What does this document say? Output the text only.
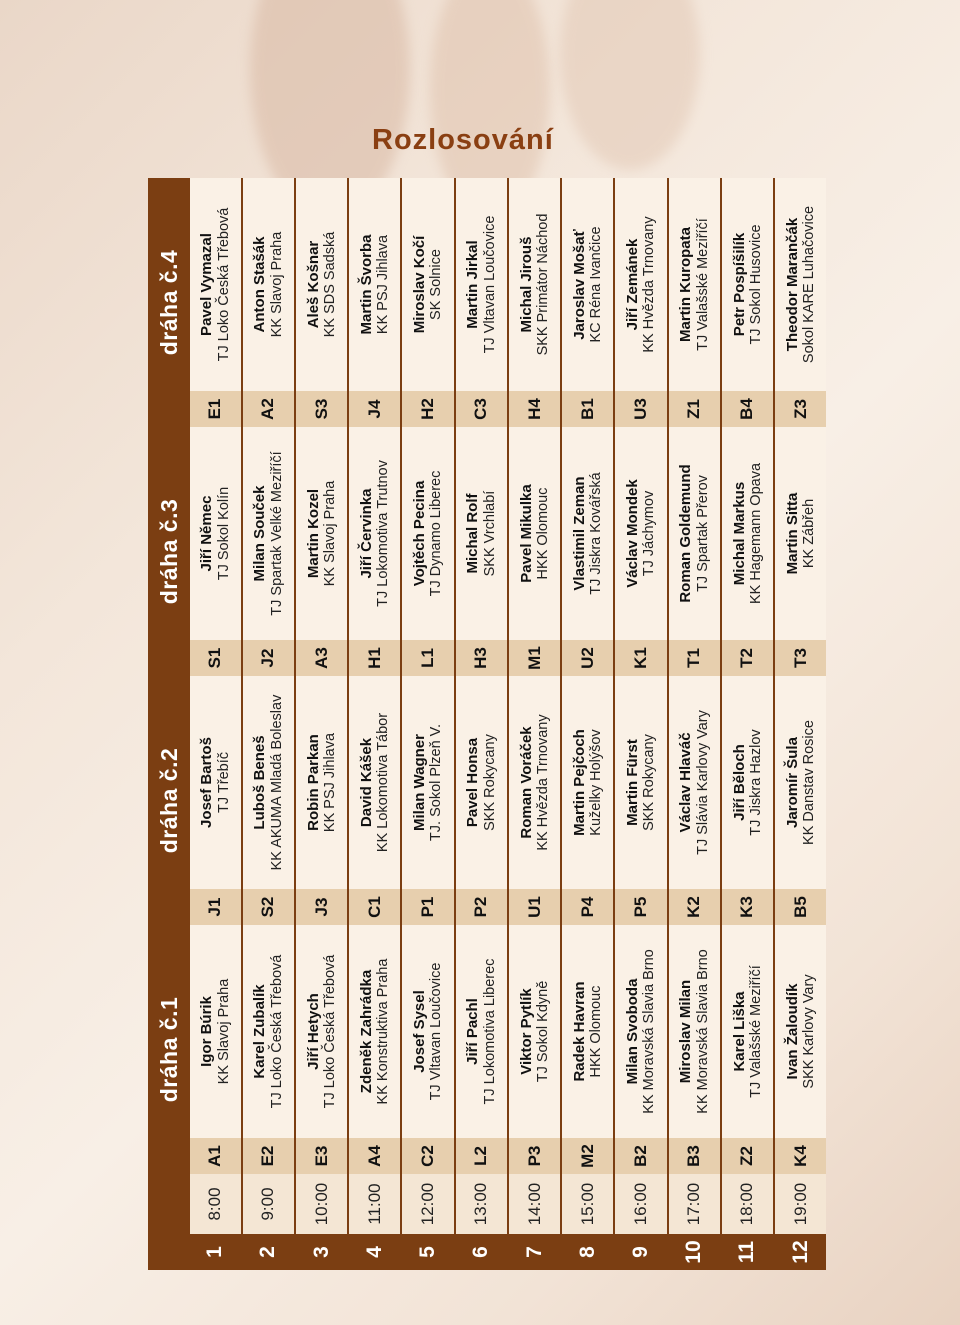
Rozlosování
		dráha č.1		dráha č.2		dráha č.3		dráha č.4	
1	8:00	A1	Igor Búrik KK Slavoj Praha	J1	Josef Bartoš TJ Třebíč	S1	Jiří Němec TJ Sokol Kolín	E1	Pavel Vymazal TJ Loko Česká Třebová

2	9:00	E2	Karel Zubalík TJ Loko Česká Třebová	S2	Luboš Beneš KK AKUMA Mladá Boleslav	J2	Milan Souček TJ Spartak Velké Meziříčí	A2	Anton Stašák KK Slavoj Praha

3	10:00	E3	Jiří Hetych TJ Loko Česká Třebová	J3	Robin Parkan KK PSJ Jihlava	A3	Martin Kozel KK Slavoj Praha	S3	Aleš Košnar KK SDS Sadská

4	11:00	A4	Zdeněk Zahrádka KK Konstruktiva Praha	C1	David Kášek KK Lokomotiva Tábor	H1	Jiří Červinka TJ Lokomotiva Trutnov	J4	Martin Švorba KK PSJ Jihlava

5	12:00	C2	Josef Sysel TJ Vltavan Loučovice	P1	Milan Wagner TJ. Sokol Plzeň V.	L1	Vojtěch Pecina TJ Dynamo Liberec	H2	Miroslav Kočí SK Solnice

6	13:00	L2	Jiří Pachl TJ Lokomotiva Liberec	P2	Pavel Honsa SKK Rokycany	H3	Michal Rolf SKK Vrchlabí	C3	Martin Jirkal TJ Vltavan Loučovice

7	14:00	P3	Viktor Pytlík TJ Sokol Kdyně	U1	Roman Voráček KK Hvězda Trnovany	M1	Pavel Mikulka HKK Olomouc	H4	Michal Jirouš SKK Primátor Náchod

8	15:00	M2	Radek Havran HKK Olomouc	P4	Martin Pejčoch Kuželky Holýšov	U2	Vlastimil Zeman TJ Jiskra Kovářská	B1	Jaroslav Mošať KC Réna Ivančice

9	16:00	B2	Milan Svoboda KK Moravská Slavia Brno	P5	Martin Fürst SKK Rokycany	K1	Václav Mondek TJ Jáchymov	U3	Jiří Zemánek KK Hvězda Trnovany

10	17:00	B3	Miroslav Milan KK Moravská Slavia Brno	K2	Václav Hlaváč TJ Slávia Karlovy Vary	T1	Roman Goldemund TJ Spartak Přerov	Z1	Martin Kuropata TJ Valašské Meziříčí

11	18:00	Z2	Karel Liška TJ Valašské Meziříčí	K3	Jiří Běloch TJ Jiskra Hazlov	T2	Michal Markus KK Hagemann Opava	B4	Petr Pospíšilík TJ Sokol Husovice

12	19:00	K4	Ivan Žaloudík SKK Karlovy Vary	B5	Jaromír Šula KK Danstav Rosice	T3	Martin Sitta KK Zábřeh	Z3	Theodor Marančák Sokol KARE Luhačovice
